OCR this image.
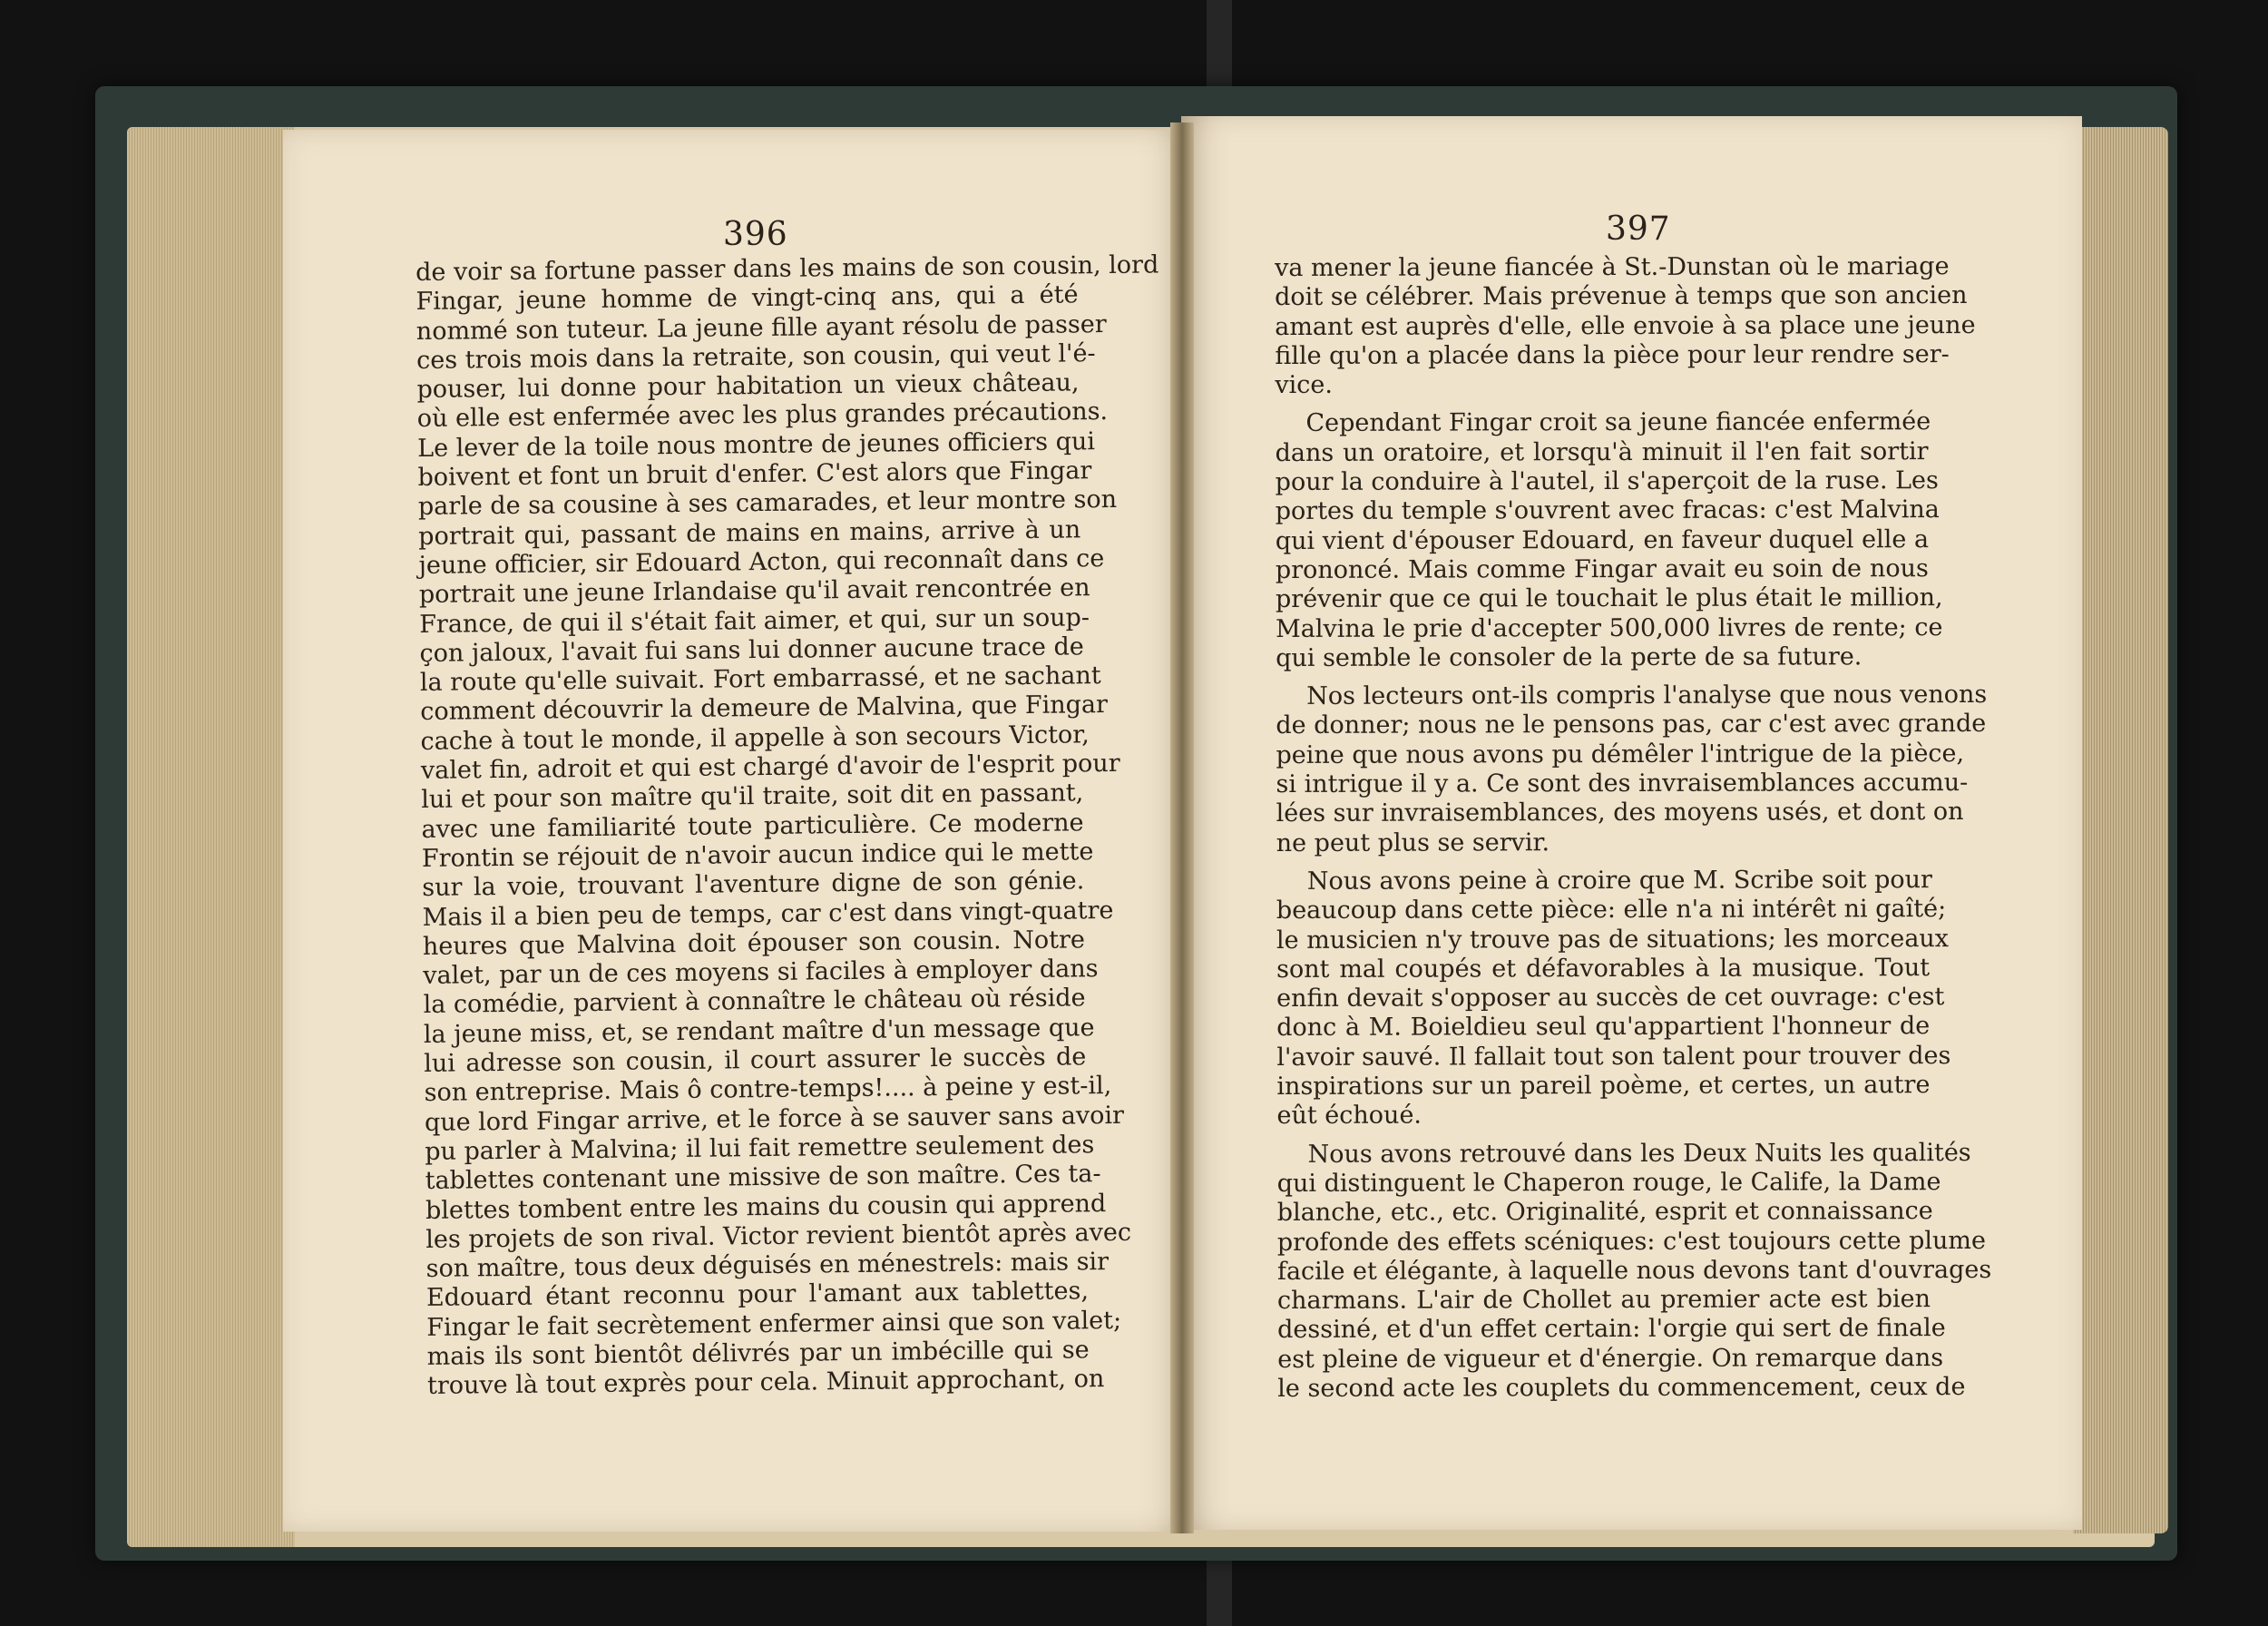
396	397
de voir sa fortune passer dans les mains de son cousin, lord
Fingar, jeune homme de vingt-cinq ans, qui a été
nommé son tuteur. La jeune fille ayant résolu de passer
ces trois mois dans la retraite, son cousin, qui veut l'é-
pouser, lui donne pour habitation un vieux château,
où elle est enfermée avec les plus grandes précautions.
Le lever de la toile nous montre de jeunes officiers qui
boivent et font un bruit d'enfer. C'est alors que Fingar
parle de sa cousine à ses camarades, et leur montre son
portrait qui, passant de mains en mains, arrive à un
jeune officier, sir Edouard Acton, qui reconnaît dans ce
portrait une jeune Irlandaise qu'il avait rencontrée en
France, de qui il s'était fait aimer, et qui, sur un soup-
çon jaloux, l'avait fui sans lui donner aucune trace de
la route qu'elle suivait. Fort embarrassé, et ne sachant
comment découvrir la demeure de Malvina, que Fingar
cache à tout le monde, il appelle à son secours Victor,
valet fin, adroit et qui est chargé d'avoir de l'esprit pour
lui et pour son maître qu'il traite, soit dit en passant,
avec une familiarité toute particulière. Ce moderne
Frontin se réjouit de n'avoir aucun indice qui le mette
sur la voie, trouvant l'aventure digne de son génie.
Mais il a bien peu de temps, car c'est dans vingt-quatre
heures que Malvina doit épouser son cousin. Notre
valet, par un de ces moyens si faciles à employer dans
la comédie, parvient à connaître le château où réside
la jeune miss, et, se rendant maître d'un message que
lui adresse son cousin, il court assurer le succès de
son entreprise. Mais ô contre-temps!.... à peine y est-il,
que lord Fingar arrive, et le force à se sauver sans avoir
pu parler à Malvina; il lui fait remettre seulement des
tablettes contenant une missive de son maître. Ces ta-
blettes tombent entre les mains du cousin qui apprend
les projets de son rival. Victor revient bientôt après avec
son maître, tous deux déguisés en ménestrels: mais sir
Edouard étant reconnu pour l'amant aux tablettes,
Fingar le fait secrètement enfermer ainsi que son valet;
mais ils sont bientôt délivrés par un imbécille qui se
trouve là tout exprès pour cela. Minuit approchant, on
va mener la jeune fiancée à St.-Dunstan où le mariage
doit se célébrer. Mais prévenue à temps que son ancien
amant est auprès d'elle, elle envoie à sa place une jeune
fille qu'on a placée dans la pièce pour leur rendre ser-
vice.
Cependant Fingar croit sa jeune fiancée enfermée
dans un oratoire, et lorsqu'à minuit il l'en fait sortir
pour la conduire à l'autel, il s'aperçoit de la ruse. Les
portes du temple s'ouvrent avec fracas: c'est Malvina
qui vient d'épouser Edouard, en faveur duquel elle a
prononcé. Mais comme Fingar avait eu soin de nous
prévenir que ce qui le touchait le plus était le million,
Malvina le prie d'accepter 500,000 livres de rente; ce
qui semble le consoler de la perte de sa future.
Nos lecteurs ont-ils compris l'analyse que nous venons
de donner; nous ne le pensons pas, car c'est avec grande
peine que nous avons pu démêler l'intrigue de la pièce,
si intrigue il y a. Ce sont des invraisemblances accumu-
lées sur invraisemblances, des moyens usés, et dont on
ne peut plus se servir.
Nous avons peine à croire que M. Scribe soit pour
beaucoup dans cette pièce: elle n'a ni intérêt ni gaîté;
le musicien n'y trouve pas de situations; les morceaux
sont mal coupés et défavorables à la musique. Tout
enfin devait s'opposer au succès de cet ouvrage: c'est
donc à M. Boieldieu seul qu'appartient l'honneur de
l'avoir sauvé. Il fallait tout son talent pour trouver des
inspirations sur un pareil poème, et certes, un autre
eût échoué.
Nous avons retrouvé dans les Deux Nuits les qualités
qui distinguent le Chaperon rouge, le Calife, la Dame
blanche, etc., etc. Originalité, esprit et connaissance
profonde des effets scéniques: c'est toujours cette plume
facile et élégante, à laquelle nous devons tant d'ouvrages
charmans. L'air de Chollet au premier acte est bien
dessiné, et d'un effet certain: l'orgie qui sert de finale
est pleine de vigueur et d'énergie. On remarque dans
le second acte les couplets du commencement, ceux de
